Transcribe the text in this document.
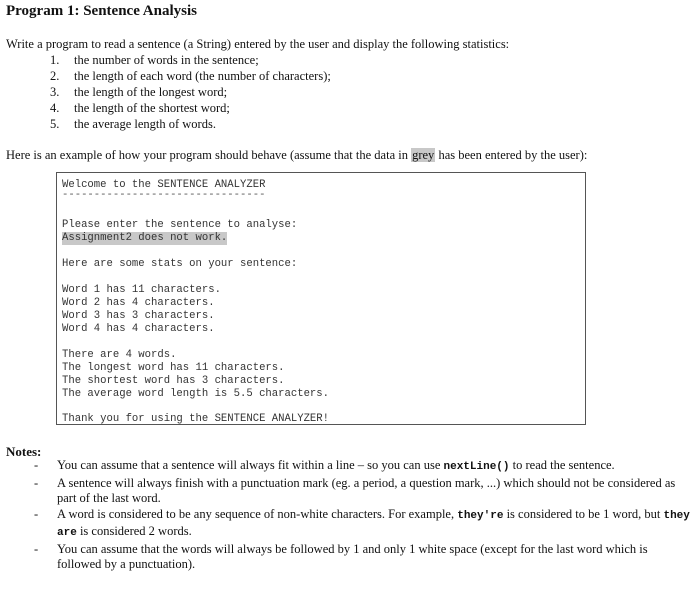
Program 1: Sentence Analysis
Write a program to read a sentence (a String) entered by the user and display the following statistics:
1. the number of words in the sentence;
2. the length of each word (the number of characters);
3. the length of the longest word;
4. the length of the shortest word;
5. the average length of words.
Here is an example of how your program should behave (assume that the data in grey has been entered by the user):
Welcome to the SENTENCE ANALYZER
--------------------------------
Please enter the sentence to analyse:
Assignment2 does not work.
Here are some stats on your sentence:
Word 1 has 11 characters.
Word 2 has 4 characters.
Word 3 has 3 characters.
Word 4 has 4 characters.
There are 4 words.
The longest word has 11 characters.
The shortest word has 3 characters.
The average word length is 5.5 characters.
Thank you for using the SENTENCE ANALYZER!
Notes:
- You can assume that a sentence will always fit within a line – so you can use nextLine() to read the sentence.
- A sentence will always finish with a punctuation mark (eg. a period, a question mark, ...) which should not be considered as part of the last word.
- A word is considered to be any sequence of non-white characters. For example, they're is considered to be 1 word, but they are is considered 2 words.
- You can assume that the words will always be followed by 1 and only 1 white space (except for the last word which is followed by a punctuation).
